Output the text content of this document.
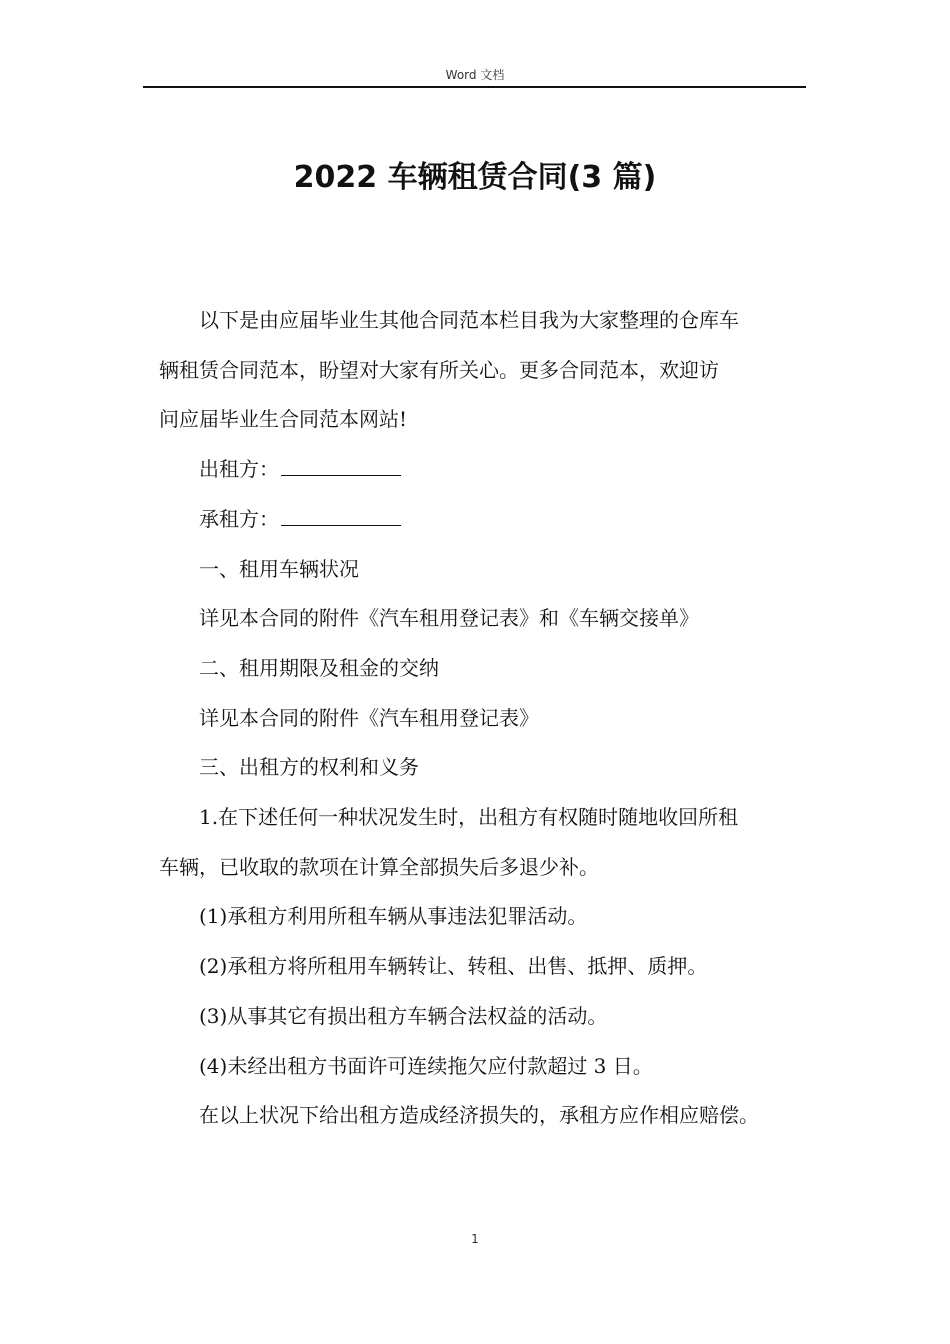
Word 文档
2022 车辆租赁合同(3 篇)

以下是由应届毕业生其他合同范本栏目我为大家整理的仓库车
辆租赁合同范本，盼望对大家有所关心。更多合同范本，欢迎访
问应届毕业生合同范本网站!

出租方：

承租方：

一、租用车辆状况

详见本合同的附件《汽车租用登记表》和《车辆交接单》

二、租用期限及租金的交纳

详见本合同的附件《汽车租用登记表》

三、出租方的权利和义务

1.在下述任何一种状况发生时，出租方有权随时随地收回所租
车辆，已收取的款项在计算全部损失后多退少补。

(1)承租方利用所租车辆从事违法犯罪活动。

(2)承租方将所租用车辆转让、转租、出售、抵押、质押。

(3)从事其它有损出租方车辆合法权益的活动。

(4)未经出租方书面许可连续拖欠应付款超过 3 日。

在以上状况下给出租方造成经济损失的，承租方应作相应赔偿。

1
